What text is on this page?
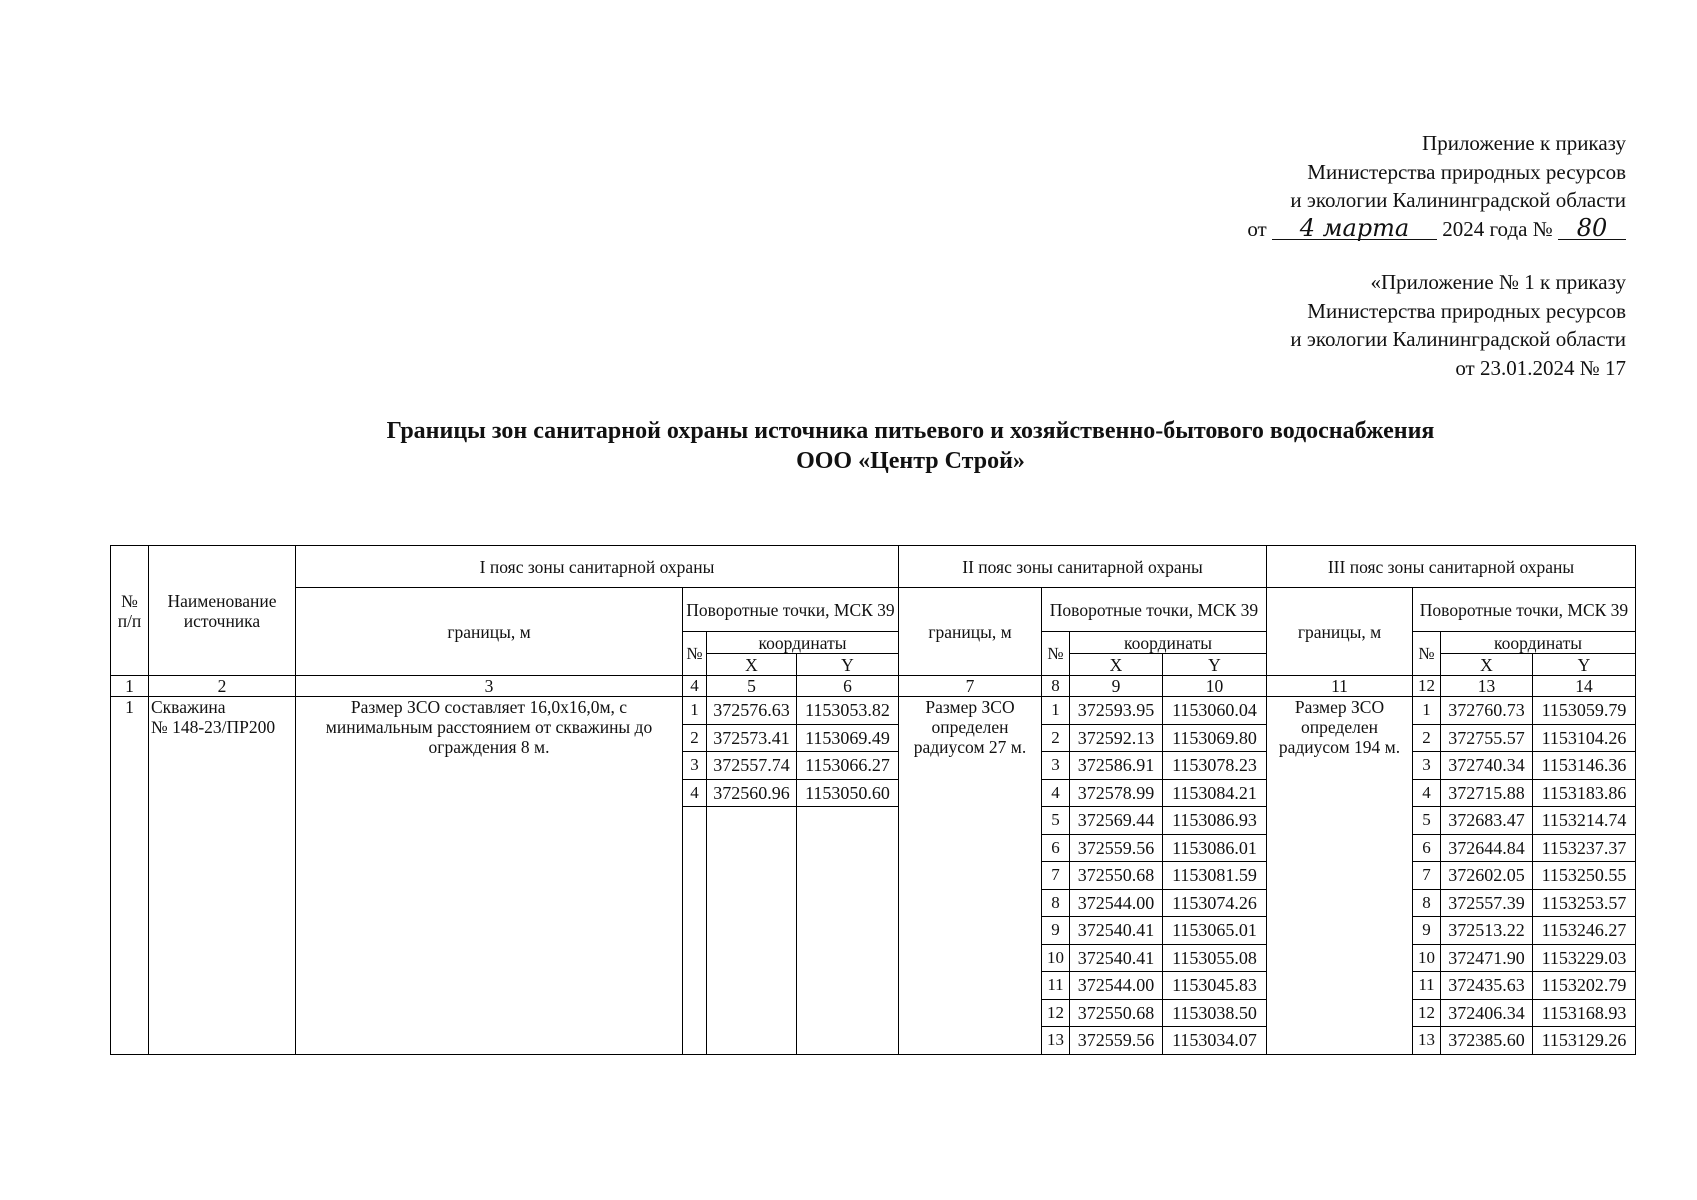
Приложение к приказу
Министерства природных ресурсов
и экологии Калининградской области
от 4 марта 2024 года № 80
«Приложение № 1 к приказу
Министерства природных ресурсов
и экологии Калининградской области
от 23.01.2024 № 17
Границы зон санитарной охраны источника питьевого и хозяйственно-бытового водоснабжения
ООО «Центр Строй»
№ п/п	Наименование источника	I пояс зоны санитарной охраны				II пояс зоны санитарной охраны				III пояс зоны санитарной охраны			
		границы, м	Поворотные точки, МСК 39			границы, м	Поворотные точки, МСК 39			границы, м	Поворотные точки, МСК 39		
			№	координаты			№	координаты			№	координаты	
				X	Y			X	Y			X	Y
1	2	3	4	5	6	7	8	9	10	11	12	13	14
1	Скважина
№ 148-23/ПР200	Размер ЗСО составляет 16,0х16,0м, с минимальным расстоянием от скважины до ограждения 8 м.	1	372576.63	1153053.82	Размер ЗСО определен радиусом 27 м.	1	372593.95	1153060.04	Размер ЗСО определен радиусом 194 м.	1	372760.73	1153059.79
			2	372573.41	1153069.49		2	372592.13	1153069.80		2	372755.57	1153104.26
			3	372557.74	1153066.27		3	372586.91	1153078.23		3	372740.34	1153146.36
			4	372560.96	1153050.60		4	372578.99	1153084.21		4	372715.88	1153183.86
							5	372569.44	1153086.93		5	372683.47	1153214.74
							6	372559.56	1153086.01		6	372644.84	1153237.37
							7	372550.68	1153081.59		7	372602.05	1153250.55
							8	372544.00	1153074.26		8	372557.39	1153253.57
							9	372540.41	1153065.01		9	372513.22	1153246.27
							10	372540.41	1153055.08		10	372471.90	1153229.03
							11	372544.00	1153045.83		11	372435.63	1153202.79
							12	372550.68	1153038.50		12	372406.34	1153168.93
							13	372559.56	1153034.07		13	372385.60	1153129.26
